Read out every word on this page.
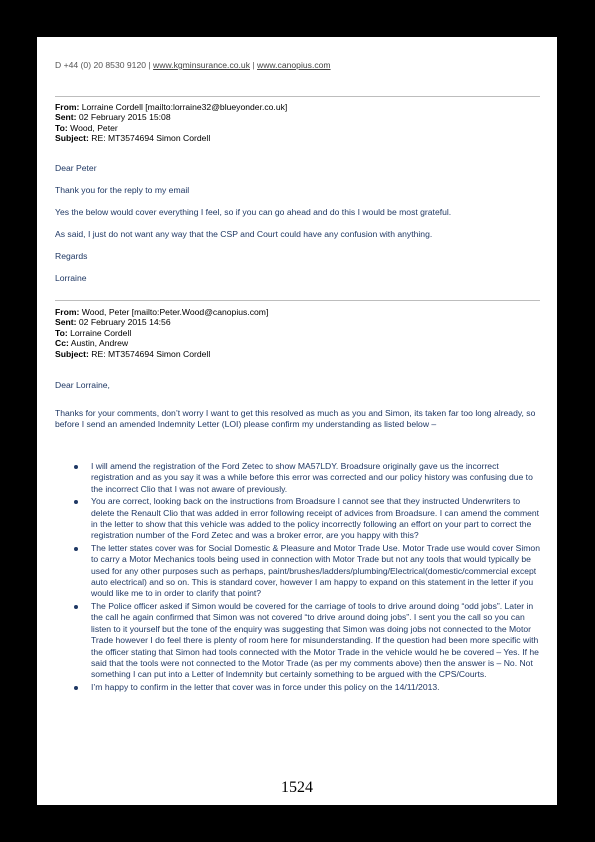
D +44 (0) 20 8530 9120 | www.kgminsurance.co.uk | www.canopius.com
From: Lorraine Cordell [mailto:lorraine32@blueyonder.co.uk]
Sent: 02 February 2015 15:08
To: Wood, Peter
Subject: RE: MT3574694 Simon Cordell
Dear Peter
Thank you for the reply to my email
Yes the below would cover everything I feel, so if you can go ahead and do this I would be most grateful.
As said, I just do not want any way that the CSP and Court could have any confusion with anything.
Regards
Lorraine
From: Wood, Peter [mailto:Peter.Wood@canopius.com]
Sent: 02 February 2015 14:56
To: Lorraine Cordell
Cc: Austin, Andrew
Subject: RE: MT3574694 Simon Cordell
Dear Lorraine,
Thanks for your comments, don’t worry I want to get this resolved as much as you and Simon, its taken far too long already, so before I send an amended Indemnity Letter (LOI) please confirm my understanding as listed below –
I will amend the registration of the Ford Zetec to show MA57LDY. Broadsure originally gave us the incorrect registration and as you say it was a while before this error was corrected and our policy history was confusing due to the incorrect Clio that I was not aware of previously.
You are correct, looking back on the instructions from Broadsure I cannot see that they instructed Underwriters to delete the Renault Clio that was added in error following receipt of advices from Broadsure. I can amend the comment in the letter to show that this vehicle was added to the policy incorrectly following an effort on your part to correct the registration number of the Ford Zetec and was a broker error, are you happy with this?
The letter states cover was for Social Domestic & Pleasure and Motor Trade Use. Motor Trade use would cover Simon to carry a Motor Mechanics tools being used in connection with Motor Trade but not any tools that would typically be used for any other purposes such as perhaps, paint/brushes/ladders/plumbing/Electrical(domestic/commercial except auto electrical) and so on. This is standard cover, however I am happy to expand on this statement in the letter if you would like me to in order to clarify that point?
The Police officer asked if Simon would be covered for the carriage of tools to drive around doing “odd jobs”. Later in the call he again confirmed that Simon was not covered “to drive around doing jobs”. I sent you the call so you can listen to it yourself but the tone of the enquiry was suggesting that Simon was doing jobs not connected to the Motor Trade however I do feel there is plenty of room here for misunderstanding. If the question had been more specific with the officer stating that Simon had tools connected with the Motor Trade in the vehicle would he be covered – Yes. If he said that the tools were not connected to the Motor Trade (as per my comments above) then the answer is – No. Not something I can put into a Letter of Indemnity but certainly something to be argued with the CPS/Courts.
I’m happy to confirm in the letter that cover was in force under this policy on the 14/11/2013.
1524
